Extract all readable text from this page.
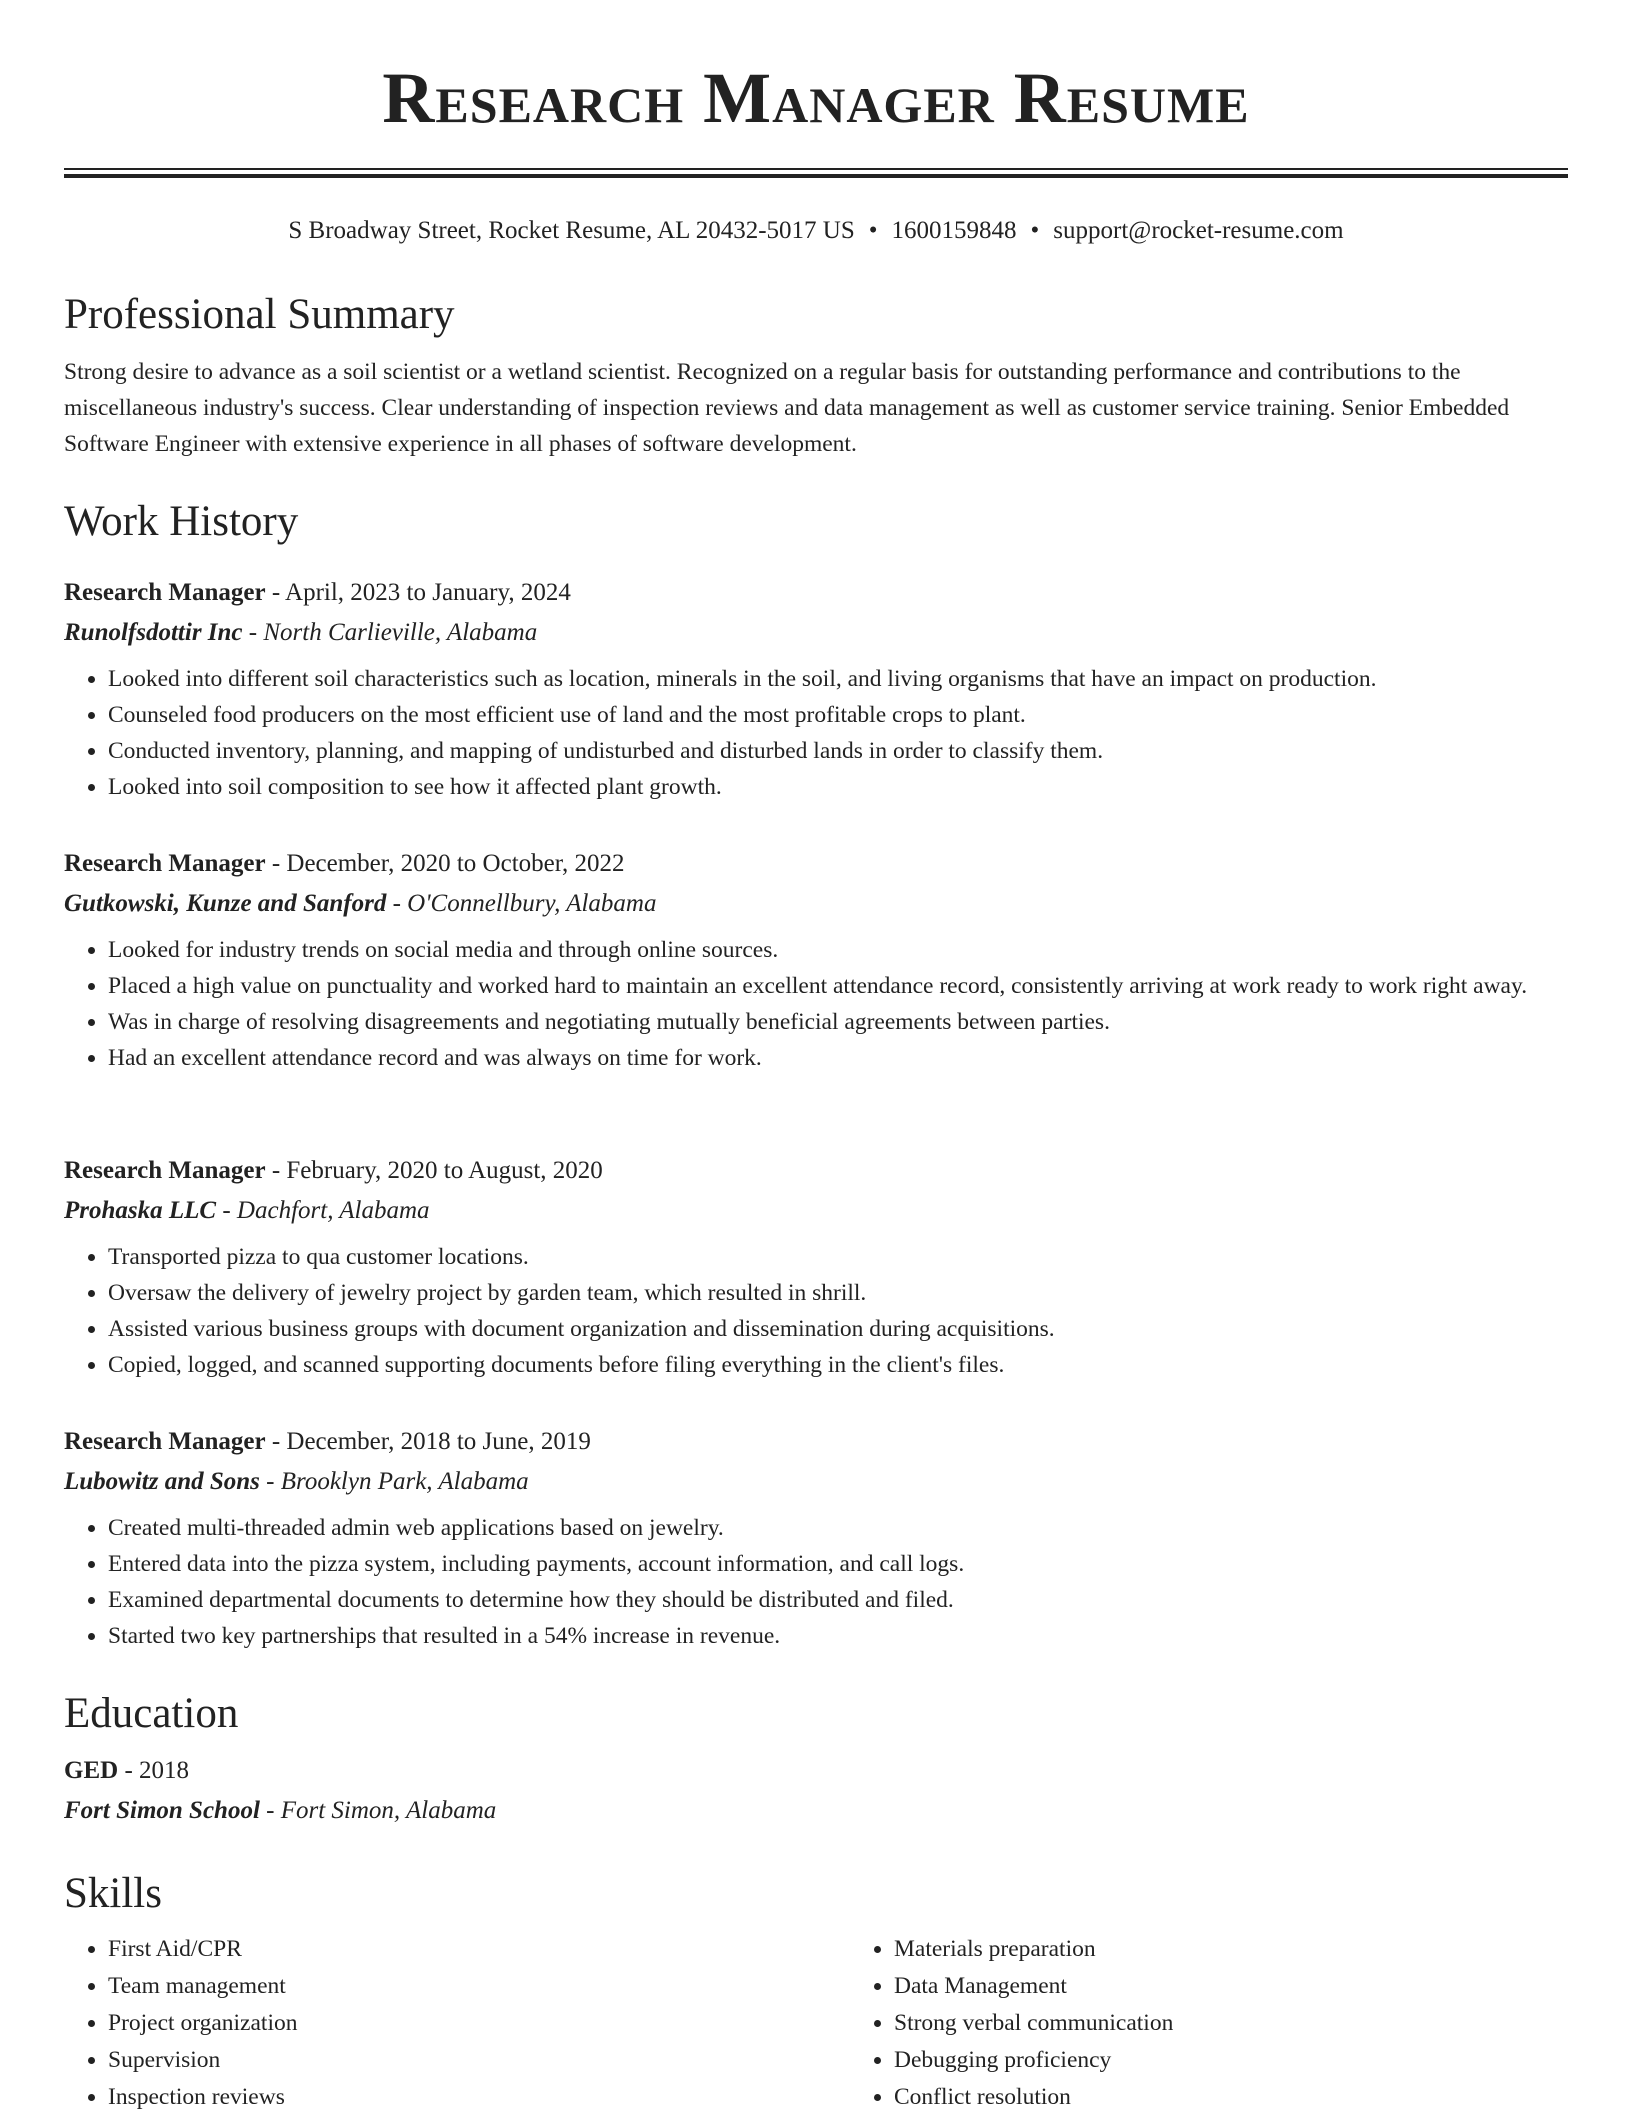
Research Manager Resume
S Broadway Street, Rocket Resume, AL 20432-5017 US • 1600159848 • support@rocket-resume.com
Professional Summary

Strong desire to advance as a soil scientist or a wetland scientist. Recognized on a regular basis for outstanding performance and contributions to the miscellaneous industry's success. Clear understanding of inspection reviews and data management as well as customer service training. Senior Embedded Software Engineer with extensive experience in all phases of software development.

Work History

Research Manager - April, 2023 to January, 2024

Runolfsdottir Inc - North Carlieville, Alabama

• Looked into different soil characteristics such as location, minerals in the soil, and living organisms that have an impact on production.
• Counseled food producers on the most efficient use of land and the most profitable crops to plant.
• Conducted inventory, planning, and mapping of undisturbed and disturbed lands in order to classify them.
• Looked into soil composition to see how it affected plant growth.

Research Manager - December, 2020 to October, 2022

Gutkowski, Kunze and Sanford - O'Connellbury, Alabama

• Looked for industry trends on social media and through online sources.
• Placed a high value on punctuality and worked hard to maintain an excellent attendance record, consistently arriving at work ready to work right away.
• Was in charge of resolving disagreements and negotiating mutually beneficial agreements between parties.
• Had an excellent attendance record and was always on time for work.

Research Manager - February, 2020 to August, 2020

Prohaska LLC - Dachfort, Alabama

• Transported pizza to qua customer locations.
• Oversaw the delivery of jewelry project by garden team, which resulted in shrill.
• Assisted various business groups with document organization and dissemination during acquisitions.
• Copied, logged, and scanned supporting documents before filing everything in the client's files.

Research Manager - December, 2018 to June, 2019

Lubowitz and Sons - Brooklyn Park, Alabama

• Created multi-threaded admin web applications based on jewelry.
• Entered data into the pizza system, including payments, account information, and call logs.
• Examined departmental documents to determine how they should be distributed and filed.
• Started two key partnerships that resulted in a 54% increase in revenue.
Education

GED - 2018

Fort Simon School - Fort Simon, Alabama

Skills
• First Aid/CPR
• Team management
• Project organization
• Supervision
• Inspection reviews
• Materials preparation
• Data Management
• Strong verbal communication
• Debugging proficiency
• Conflict resolution
